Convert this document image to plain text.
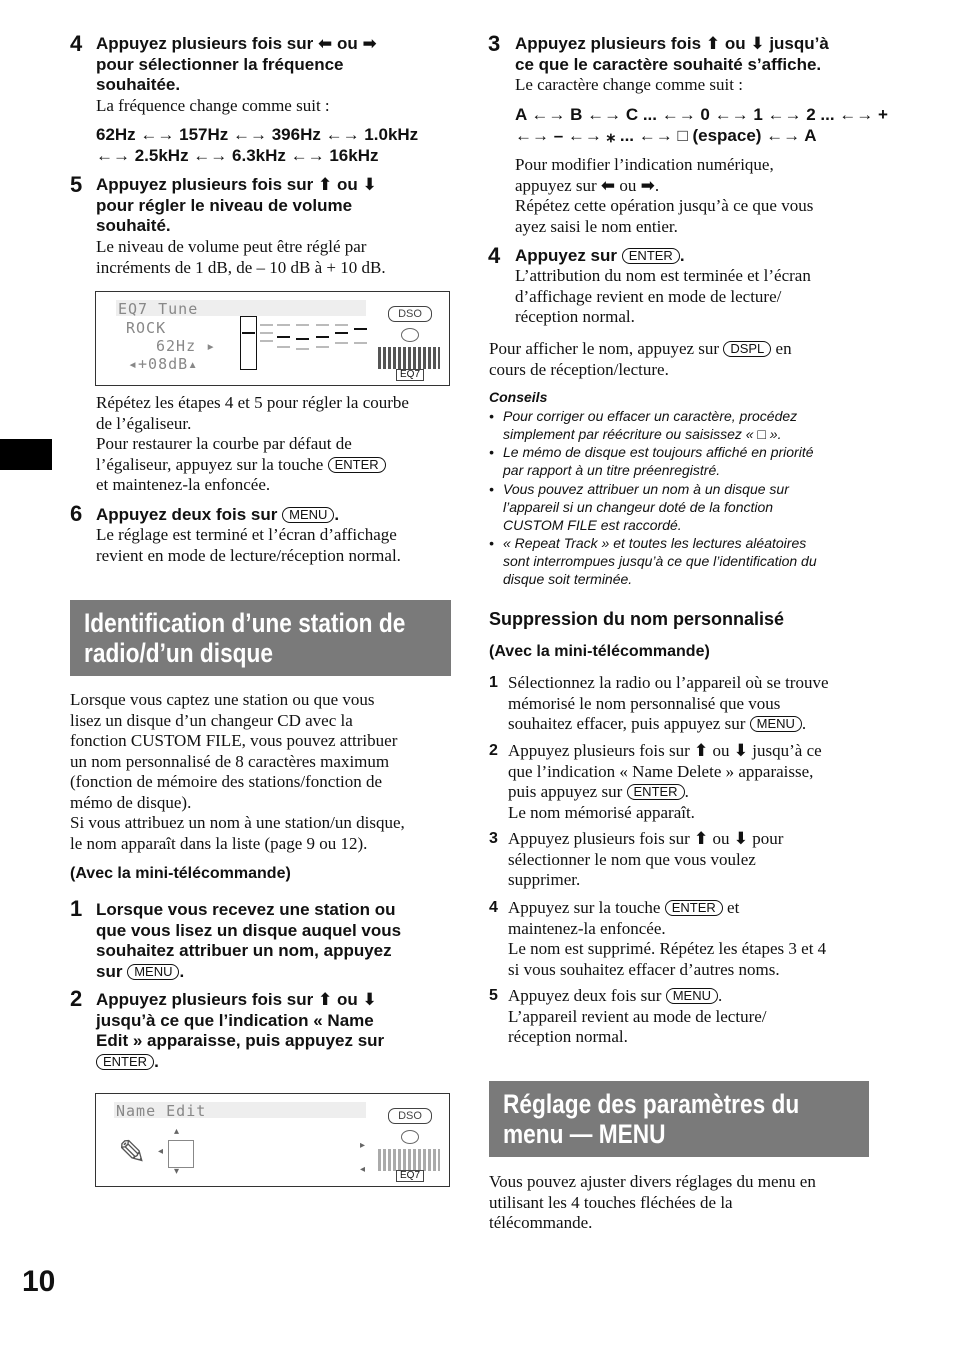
4 Appuyez plusieurs fois sur ⬅ ou ➡
pour sélectionner la fréquence
souhaitée.
La fréquence change comme suit :
62Hz ←→ 157Hz ←→ 396Hz ←→ 1.0kHz
←→ 2.5kHz ←→ 6.3kHz ←→ 16kHz
5 Appuyez plusieurs fois sur ⬆ ou ⬇
pour régler le niveau de volume
souhaité.
Le niveau de volume peut être réglé par
incréments de 1 dB, de – 10 dB à + 10 dB.
EQ7 Tune
ROCK
62Hz ▸
◂+08dB▴
DSO
EQ7
Répétez les étapes 4 et 5 pour régler la courbe
de l’égaliseur.
Pour restaurer la courbe par défaut de
l’égaliseur, appuyez sur la touche ENTER
et maintenez-la enfoncée.
6 Appuyez deux fois sur MENU .
Le réglage est terminé et l’écran d’affichage
revient en mode de lecture/réception normal.
Identification d’une station de
radio/d’un disque
Lorsque vous captez une station ou que vous
lisez un disque d’un changeur CD avec la
fonction CUSTOM FILE, vous pouvez attribuer
un nom personnalisé de 8 caractères maximum
(fonction de mémoire des stations/fonction de
mémo de disque).
Si vous attribuez un nom à une station/un disque,
le nom apparaît dans la liste (page 9 ou 12).
(Avec la mini-télécommande)
1 Lorsque vous recevez une station ou
que vous lisez un disque auquel vous
souhaitez attribuer un nom, appuyez
sur MENU .
2 Appuyez plusieurs fois sur ⬆ ou ⬇
jusqu’à ce que l’indication « Name
Edit » apparaisse, puis appuyez sur
ENTER .
Name Edit
✎ ◂
▴
▾
▸
◂
DSO
EQ7
3 Appuyez plusieurs fois ⬆ ou ⬇ jusqu’à
ce que le caractère souhaité s’affiche.
Le caractère change comme suit :
A ←→ B ←→ C ... ←→ 0 ←→ 1 ←→ 2 ... ←→ +
←→ – ←→ ⁎ ... ←→ □ (espace) ←→ A
Pour modifier l’indication numérique,
appuyez sur ⬅ ou ➡.
Répétez cette opération jusqu’à ce que vous
ayez saisi le nom entier.
4 Appuyez sur ENTER .
L’attribution du nom est terminée et l’écran
d’affichage revient en mode de lecture/
réception normal.
Pour afficher le nom, appuyez sur DSPL en
cours de réception/lecture.
Conseils
• Pour corriger ou effacer un caractère, procédez
simplement par réécriture ou saisissez « □ ».
• Le mémo de disque est toujours affiché en priorité
par rapport à un titre préenregistré.
• Vous pouvez attribuer un nom à un disque sur
l’appareil si un changeur doté de la fonction
CUSTOM FILE est raccordé.
• « Repeat Track » et toutes les lectures aléatoires
sont interrompues jusqu’à ce que l’identification du
disque soit terminée.
Suppression du nom personnalisé
(Avec la mini-télécommande)
1 Sélectionnez la radio ou l’appareil où se trouve
mémorisé le nom personnalisé que vous
souhaitez effacer, puis appuyez sur MENU .
2 Appuyez plusieurs fois sur ⬆ ou ⬇ jusqu’à ce
que l’indication « Name Delete » apparaisse,
puis appuyez sur ENTER .
Le nom mémorisé apparaît.
3 Appuyez plusieurs fois sur ⬆ ou ⬇ pour
sélectionner le nom que vous voulez
supprimer.
4 Appuyez sur la touche ENTER et
maintenez-la enfoncée.
Le nom est supprimé. Répétez les étapes 3 et 4
si vous souhaitez effacer d’autres noms.
5 Appuyez deux fois sur MENU .
L’appareil revient au mode de lecture/
réception normal.
Réglage des paramètres du
menu — MENU
Vous pouvez ajuster divers réglages du menu en
utilisant les 4 touches fléchées de la
télécommande.
10
